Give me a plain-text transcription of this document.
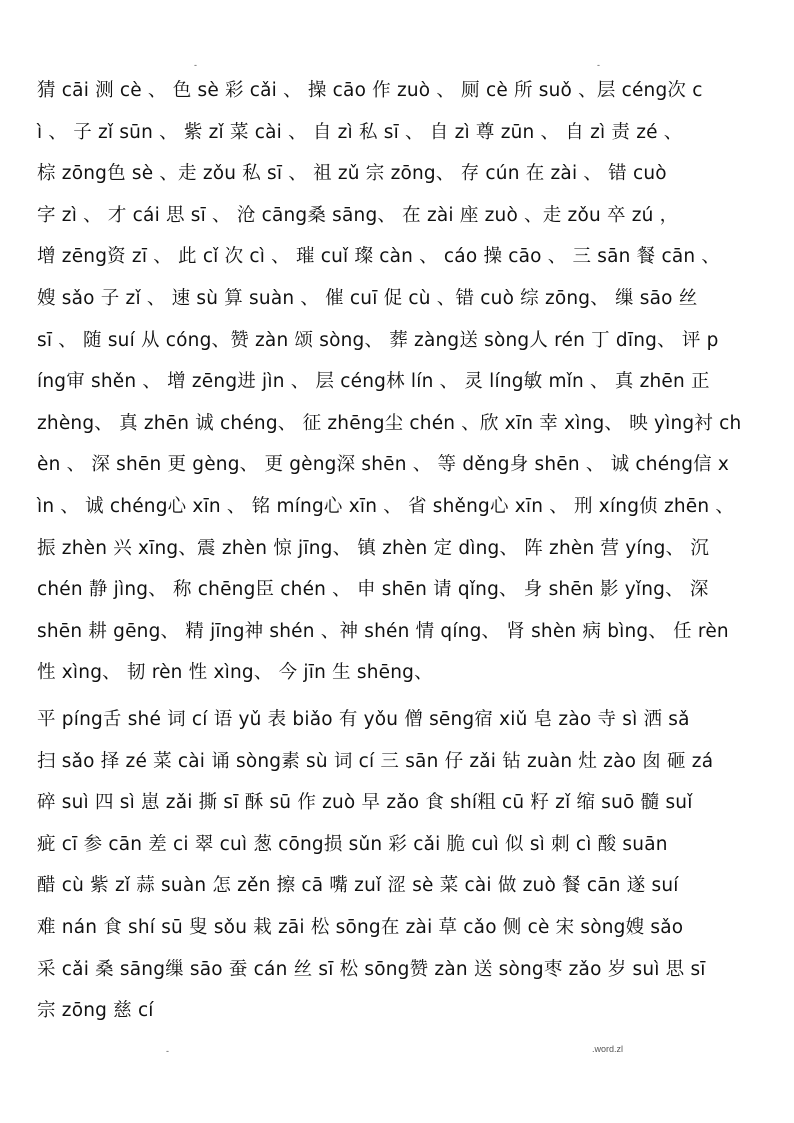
-	-
猜 cāi 测 cè 、 色 sè 彩 cǎi 、 操 cāo 作 zuò 、 厕 cè 所 suǒ 、层 céng次 c
ì 、 子 zǐ sūn 、 紫 zǐ 菜 cài 、 自 zì 私 sī 、 自 zì 尊 zūn 、 自 zì 责 zé 、
棕 zōng色 sè 、走 zǒu 私 sī 、 祖 zǔ 宗 zōng、 存 cún 在 zài 、 错 cuò
字 zì 、 才 cái 思 sī 、 沧 cāng桑 sāng、 在 zài 座 zuò 、走 zǒu 卒 zú ，
增 zēng资 zī 、 此 cǐ 次 cì 、 璀 cuǐ 璨 càn 、 cáo 操 cāo 、 三 sān 餐 cān 、
嫂 sǎo 子 zǐ 、 速 sù 算 suàn 、 催 cuī 促 cù 、错 cuò 综 zōng、 缫 sāo 丝
sī 、 随 suí 从 cóng、赞 zàn 颂 sòng、 葬 zàng送 sòng人 rén 丁 dīng、 评 p
íng审 shěn 、 增 zēng进 jìn 、 层 céng林 lín 、 灵 líng敏 mǐn 、 真 zhēn 正
zhèng、 真 zhēn 诚 chéng、 征 zhēng尘 chén 、欣 xīn 幸 xìng、 映 yìng衬 ch
èn 、 深 shēn 更 gèng、 更 gèng深 shēn 、 等 děng身 shēn 、 诚 chéng信 x
ìn 、 诚 chéng心 xīn 、 铭 míng心 xīn 、 省 shěng心 xīn 、 刑 xíng侦 zhēn 、
振 zhèn 兴 xīng、震 zhèn 惊 jīng、 镇 zhèn 定 dìng、 阵 zhèn 营 yíng、 沉
chén 静 jìng、 称 chēng臣 chén 、 申 shēn 请 qǐng、 身 shēn 影 yǐng、 深
shēn 耕 gēng、 精 jīng神 shén 、神 shén 情 qíng、 肾 shèn 病 bìng、 任 rèn
性 xìng、 韧 rèn 性 xìng、 今 jīn 生 shēng、
平 píng舌 shé 词 cí 语 yǔ 表 biǎo 有 yǒu 僧 sēng宿 xiǔ 皂 zào 寺 sì 洒 sǎ
扫 sǎo 择 zé 菜 cài 诵 sòng素 sù 词 cí 三 sān 仔 zǎi 钻 zuàn 灶 zào 囱 砸 zá
碎 suì 四 sì 崽 zǎi 撕 sī 酥 sū 作 zuò 早 zǎo 食 shí粗 cū 籽 zǐ 缩 suō 髓 suǐ
疵 cī 参 cān 差 ci 翠 cuì 葱 cōng损 sǔn 彩 cǎi 脆 cuì 似 sì 刺 cì 酸 suān
醋 cù 紫 zǐ 蒜 suàn 怎 zěn 擦 cā 嘴 zuǐ 涩 sè 菜 cài 做 zuò 餐 cān 遂 suí
难 nán 食 shí sū 叟 sǒu 栽 zāi 松 sōng在 zài 草 cǎo 侧 cè 宋 sòng嫂 sǎo
采 cǎi 桑 sāng缫 sāo 蚕 cán 丝 sī 松 sōng赞 zàn 送 sòng枣 zǎo 岁 suì 思 sī
宗 zōng 慈 cí
-	.word.zl
